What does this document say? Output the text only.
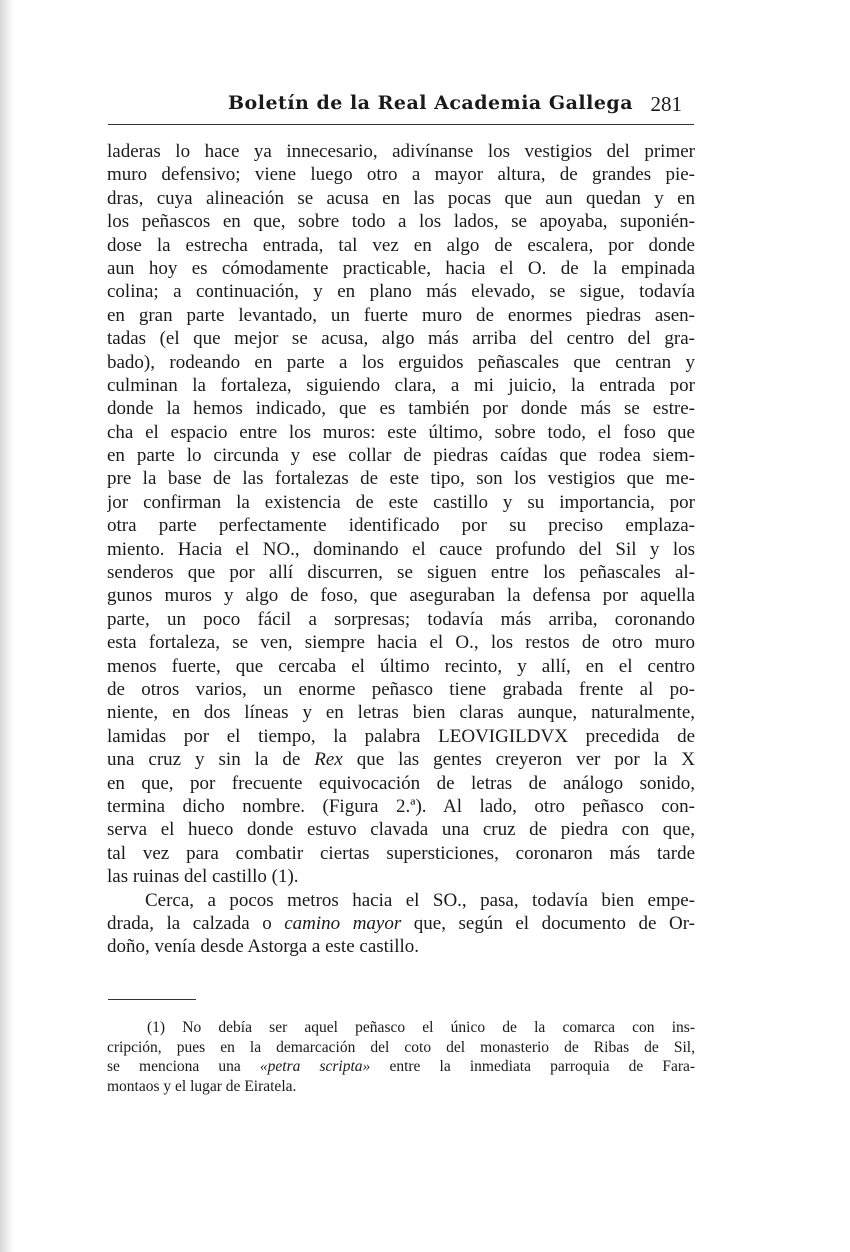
Boletín de la Real Academia Gallega 281
laderas lo hace ya innecesario, adivínanse los vestigios del primer
muro defensivo; viene luego otro a mayor altura, de grandes pie-
dras, cuya alineación se acusa en las pocas que aun quedan y en
los peñascos en que, sobre todo a los lados, se apoyaba, suponién-
dose la estrecha entrada, tal vez en algo de escalera, por donde
aun hoy es cómodamente practicable, hacia el O. de la empinada
colina; a continuación, y en plano más elevado, se sigue, todavía
en gran parte levantado, un fuerte muro de enormes piedras asen-
tadas (el que mejor se acusa, algo más arriba del centro del gra-
bado), rodeando en parte a los erguidos peñascales que centran y
culminan la fortaleza, siguiendo clara, a mi juicio, la entrada por
donde la hemos indicado, que es también por donde más se estre-
cha el espacio entre los muros: este último, sobre todo, el foso que
en parte lo circunda y ese collar de piedras caídas que rodea siem-
pre la base de las fortalezas de este tipo, son los vestigios que me-
jor confirman la existencia de este castillo y su importancia, por
otra parte perfectamente identificado por su preciso emplaza-
miento. Hacia el NO., dominando el cauce profundo del Sil y los
senderos que por allí discurren, se siguen entre los peñascales al-
gunos muros y algo de foso, que aseguraban la defensa por aquella
parte, un poco fácil a sorpresas; todavía más arriba, coronando
esta fortaleza, se ven, siempre hacia el O., los restos de otro muro
menos fuerte, que cercaba el último recinto, y allí, en el centro
de otros varios, un enorme peñasco tiene grabada frente al po-
niente, en dos líneas y en letras bien claras aunque, naturalmente,
lamidas por el tiempo, la palabra LEOVIGILDVX precedida de
una cruz y sin la de Rex que las gentes creyeron ver por la X
en que, por frecuente equivocación de letras de análogo sonido,
termina dicho nombre. (Figura 2.ª). Al lado, otro peñasco con-
serva el hueco donde estuvo clavada una cruz de piedra con que,
tal vez para combatir ciertas supersticiones, coronaron más tarde
las ruinas del castillo (1).
Cerca, a pocos metros hacia el SO., pasa, todavía bien empe-
drada, la calzada o camino mayor que, según el documento de Or-
doño, venía desde Astorga a este castillo.
(1) No debía ser aquel peñasco el único de la comarca con ins-
cripción, pues en la demarcación del coto del monasterio de Ribas de Sil,
se menciona una «petra scripta» entre la inmediata parroquia de Fara-
montaos y el lugar de Eiratela.
